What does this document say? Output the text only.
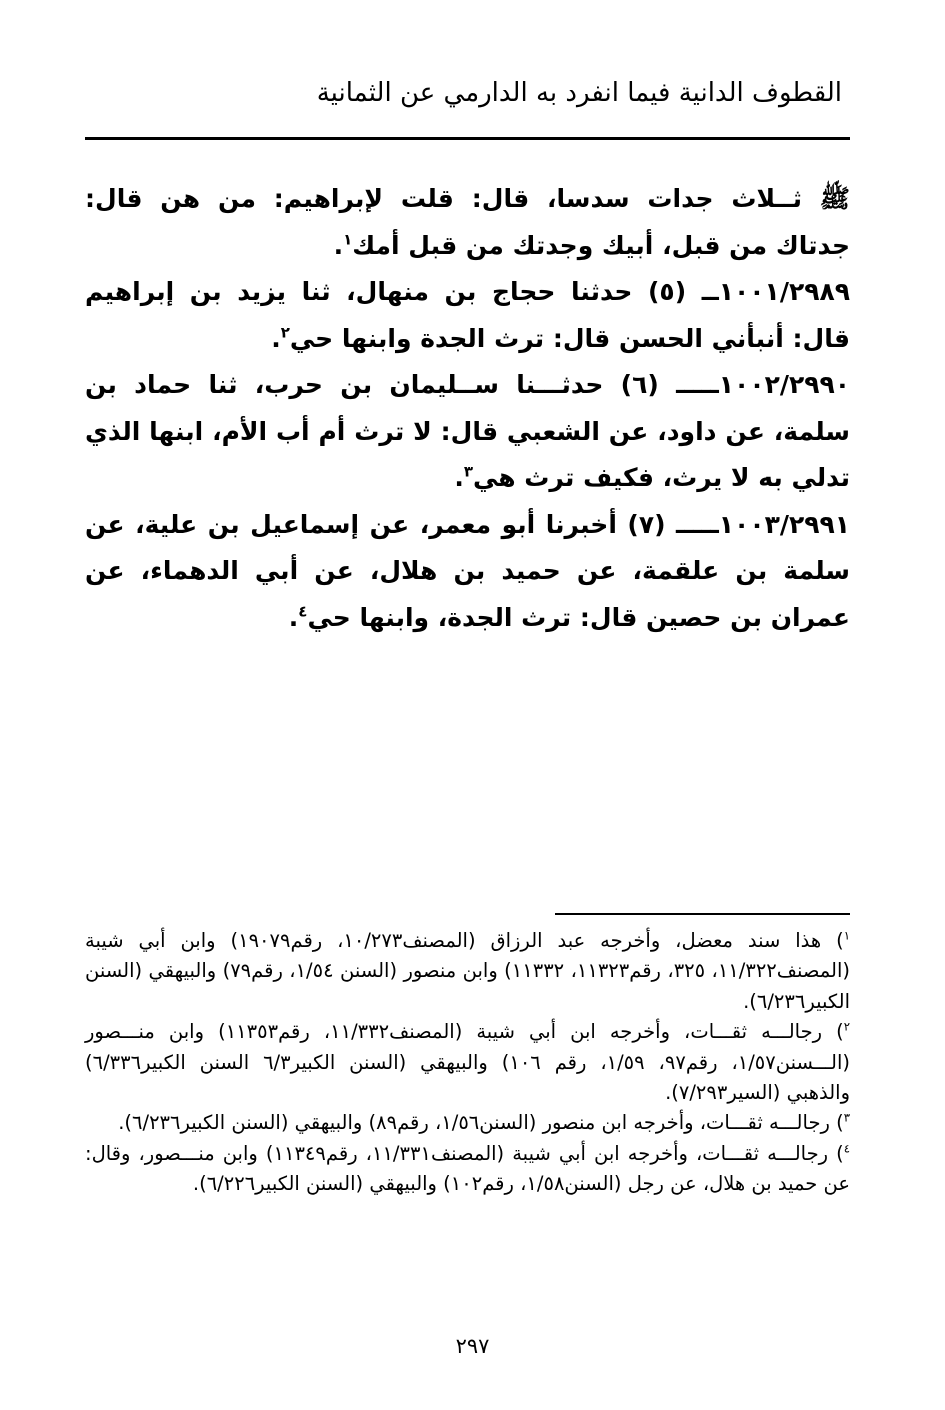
القطوف الدانية فيما انفرد به الدارمي عن الثمانية

ﷺ ثــلاث جدات سدسا، قال: قلت لإبراهيم: من هن قال: جدتاك من قبل، أبيك وجدتك من قبل أمك$^١$.

١٠٠١/٢٩٨٩ــ (٥) حدثنا حجاج بن منهال، ثنا يزيد بن إبراهيم قال: أنبأني الحسن قال: ترث الجدة وابنها حي$^٢$.

١٠٠٢/٢٩٩٠ـــــ (٦) حدثـــنا ســليمان بن حرب، ثنا حماد بن سلمة، عن داود، عن الشعبي قال: لا ترث أم أب الأم، ابنها الذي تدلي به لا يرث، فكيف ترث هي$^٣$.

١٠٠٣/٢٩٩١ـــــ (٧) أخبرنا أبو معمر، عن إسماعيل بن علية، عن سلمة بن علقمة، عن حميد بن هلال، عن أبي الدهماء، عن عمران بن حصين قال: ترث الجدة، وابنها حي$^٤$.

$^١$) هذا سند معضل، وأخرجه عبد الرزاق (المصنف١٠/٢٧٣، رقم١٩٠٧٩) وابن أبي شيبة (المصنف١١/٣٢٢، ٣٢٥، رقم١١٣٢٣، ١١٣٣٢) وابن منصور (السنن ١/٥٤، رقم٧٩) والبيهقي (السنن الكبير٦/٢٣٦).

$^٢$) رجالـــه ثقـــات، وأخرجه ابن أبي شيبة (المصنف١١/٣٣٢، رقم١١٣٥٣) وابن منـــصور (الـــسنن١/٥٧، رقم٩٧، ١/٥٩، رقم ١٠٦) والبيهقي (السنن الكبير٦/٣ السنن الكبير٦/٣٣٦) والذهبي (السير٧/٢٩٣).

$^٣$) رجالـــه ثقـــات، وأخرجه ابن منصور (السنن١/٥٦، رقم٨٩) والبيهقي (السنن الكبير٦/٢٣٦).

$^٤$) رجالـــه ثقـــات، وأخرجه ابن أبي شيبة (المصنف١١/٣٣١، رقم١١٣٤٩) وابن منـــصور، وقال: عن حميد بن هلال، عن رجل (السنن١/٥٨، رقم١٠٢) والبيهقي (السنن الكبير٦/٢٢٦).

٢٩٧
